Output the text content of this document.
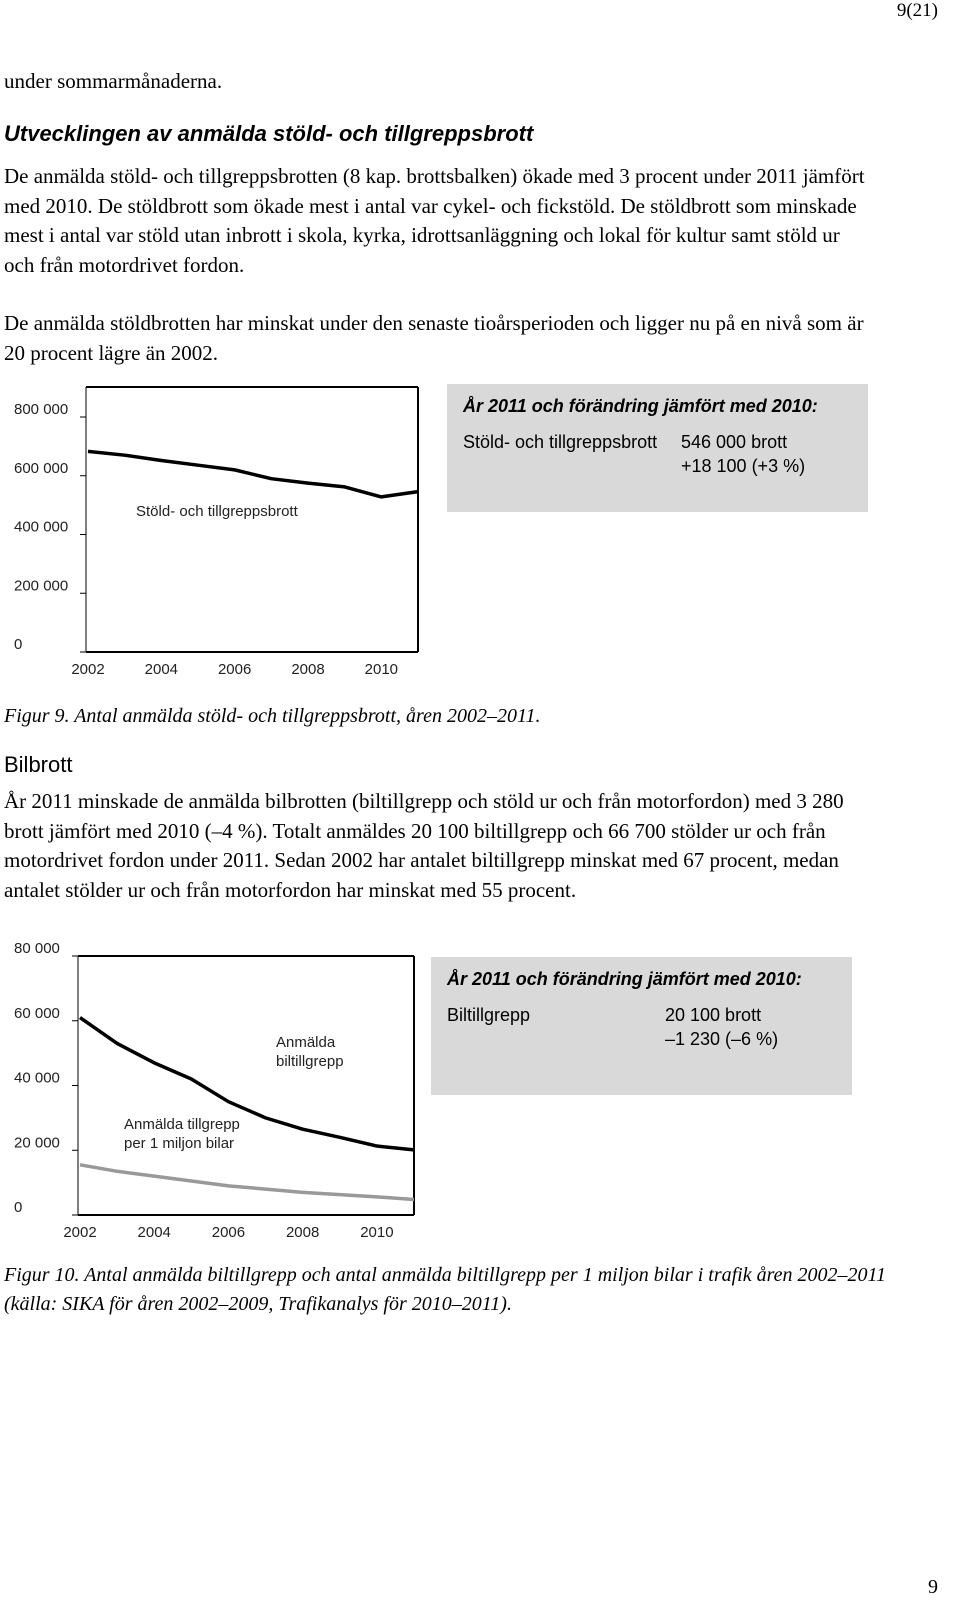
9(21)
under sommarmånaderna.
Utvecklingen av anmälda stöld- och tillgreppsbrott
De anmälda stöld- och tillgreppsbrotten (8 kap. brottsbalken) ökade med 3 procent under 2011 jämfört med 2010. De stöldbrott som ökade mest i antal var cykel- och fickstöld. De stöldbrott som minskade mest i antal var stöld utan inbrott i skola, kyrka, idrottsanläggning och lokal för kultur samt stöld ur och från motordrivet fordon.
De anmälda stöldbrotten har minskat under den senaste tioårsperioden och ligger nu på en nivå som är 20 procent lägre än 2002.
0
200 000
400 000
600 000
800 000
2002	2004	2006	2008	2010
Stöld- och tillgreppsbrott
År 2011 och förändring jämfört med 2010:
Stöld- och tillgreppsbrott	546 000 brott
+18 100 (+3 %)
Figur 9. Antal anmälda stöld- och tillgreppsbrott, åren 2002–2011.
Bilbrott
År 2011 minskade de anmälda bilbrotten (biltillgrepp och stöld ur och från motorfordon) med 3 280 brott jämfört med 2010 (–4 %). Totalt anmäldes 20 100 biltillgrepp och 66 700 stölder ur och från motordrivet fordon under 2011. Sedan 2002 har antalet biltillgrepp minskat med 67 procent, medan antalet stölder ur och från motorfordon har minskat med 55 procent.
0
20 000
40 000
60 000
80 000
2002	2004	2006	2008	2010
Anmälda
biltillgrepp
Anmälda tillgrepp
per 1 miljon bilar
År 2011 och förändring jämfört med 2010:
Biltillgrepp	20 100 brott
–1 230 (–6 %)
Figur 10. Antal anmälda biltillgrepp och antal anmälda biltillgrepp per 1 miljon bilar i trafik åren 2002–2011 (källa: SIKA för åren 2002–2009, Trafikanalys för 2010–2011).
9
